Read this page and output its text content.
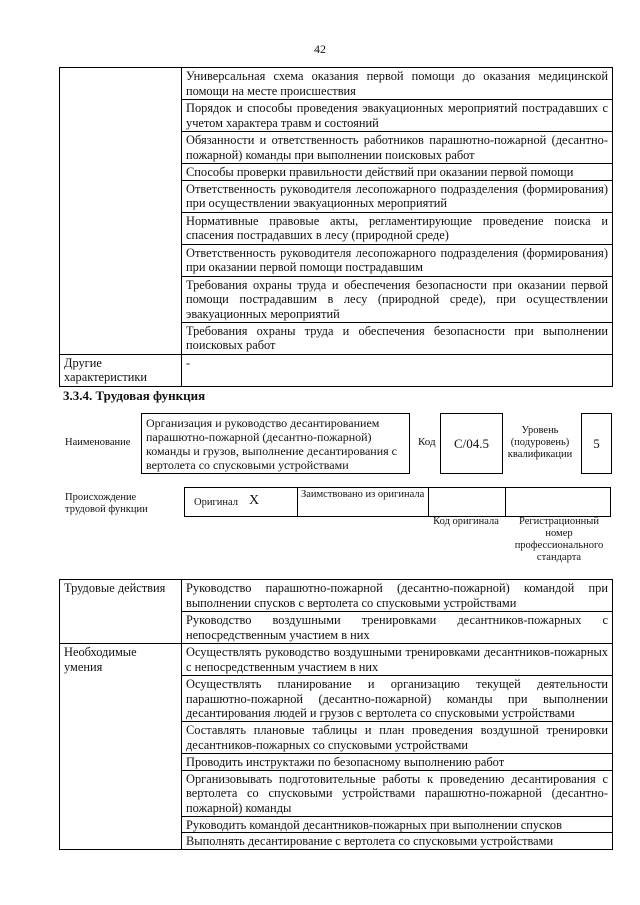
42
	Универсальная схема оказания первой помощи до оказания медицинской помощи на месте происшествия
	Порядок и способы проведения эвакуационных мероприятий пострадавших с учетом характера травм и состояний
	Обязанности и ответственность работников парашютно-пожарной (десантно-пожарной) команды при выполнении поисковых работ
	Способы проверки правильности действий при оказании первой помощи
	Ответственность руководителя лесопожарного подразделения (формирования) при осуществлении эвакуационных мероприятий
	Нормативные правовые акты, регламентирующие проведение поиска и спасения пострадавших в лесу (природной среде)
	Ответственность руководителя лесопожарного подразделения (формирования) при оказании первой помощи пострадавшим
	Требования охраны труда и обеспечения безопасности при оказании первой помощи пострадавшим в лесу (природной среде), при осуществлении эвакуационных мероприятий
	Требования охраны труда и обеспечения безопасности при выполнении поисковых работ
Другие характеристики	-
3.3.4. Трудовая функция
Наименование
Организация и руководство десантированием парашютно-пожарной (десантно-пожарной) команды и грузов, выполнение десантирования с вертолета со спусковыми устройствами
Код	C/04.5
Уровень (подуровень) квалификации
5
Происхождение трудовой функции
Оригинал X	Заимствовано из оригинала
Код оригинала	Регистрационный номер профессионального стандарта
Трудовые действия	Руководство парашютно-пожарной (десантно-пожарной) командой при выполнении спусков с вертолета со спусковыми устройствами
	Руководство воздушными тренировками десантников-пожарных с непосредственным участием в них
Необходимые умения	Осуществлять руководство воздушными тренировками десантников-пожарных с непосредственным участием в них
	Осуществлять планирование и организацию текущей деятельности парашютно-пожарной (десантно-пожарной) команды при выполнении десантирования людей и грузов с вертолета со спусковыми устройствами
	Составлять плановые таблицы и план проведения воздушной тренировки десантников-пожарных со спусковыми устройствами
	Проводить инструктажи по безопасному выполнению работ
	Организовывать подготовительные работы к проведению десантирования с вертолета со спусковыми устройствами парашютно-пожарной (десантно-пожарной) команды
	Руководить командой десантников-пожарных при выполнении спусков
	Выполнять десантирование с вертолета со спусковыми устройствами
